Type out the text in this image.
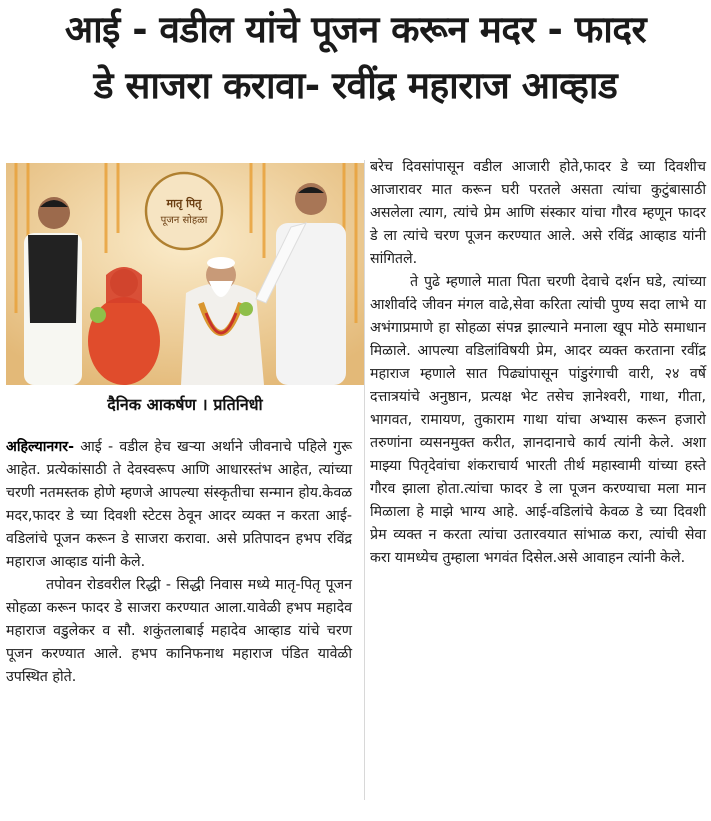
आई - वडील यांचे पूजन करून मदर - फादर
डे साजरा करावा- रवींद्र महाराज आव्हाड
मातृ पितृ
पूजन सोहळा
दैनिक आकर्षण । प्रतिनिधी

अहिल्यानगर- आई - वडील हेच खऱ्या अर्थाने जीवनाचे पहिले गुरू आहेत. प्रत्येकांसाठी ते देवस्वरूप आणि आधारस्तंभ आहेत, त्यांच्या चरणी नतमस्तक होणे म्हणजे आपल्या संस्कृतीचा सन्मान होय.केवळ मदर,फादर डे च्या दिवशी स्टेटस ठेवून आदर व्यक्त न करता आई-वडिलांचे पूजन करून डे साजरा करावा. असे प्रतिपादन हभप रविंद्र महाराज आव्हाड यांनी केले.

तपोवन रोडवरील रिद्धी - सिद्धी निवास मध्ये मातृ-पितृ पूजन सोहळा करून फादर डे साजरा करण्यात आला.यावेळी हभप महादेव महाराज वडुलेकर व सौ. शकुंतलाबाई महादेव आव्हाड यांचे चरण पूजन करण्यात आले. हभप कानिफनाथ महाराज पंडित यावेळी उपस्थित होते.

बरेच दिवसांपासून वडील आजारी होते,फादर डे च्या दिवशीच आजारावर मात करून घरी परतले असता त्यांचा कुटुंबासाठी असलेला त्याग, त्यांचे प्रेम आणि संस्कार यांचा गौरव म्हणून फादर डे ला त्यांचे चरण पूजन करण्यात आले. असे रविंद्र आव्हाड यांनी सांगितले.

ते पुढे म्हणाले माता पिता चरणी देवाचे दर्शन घडे, त्यांच्या आशीर्वादे जीवन मंगल वाढे,सेवा करिता त्यांची पुण्य सदा लाभे या अभंगाप्रमाणे हा सोहळा संपन्न झाल्याने मनाला खूप मोठे समाधान मिळाले. आपल्या वडिलांविषयी प्रेम, आदर व्यक्त करताना रवींद्र महाराज म्हणाले सात पिढ्यांपासून पांडुरंगाची वारी, २४ वर्षे दत्तात्रयांचे अनुष्ठान, प्रत्यक्ष भेट तसेच ज्ञानेश्वरी, गाथा, गीता, भागवत, रामायण, तुकाराम गाथा यांचा अभ्यास करून हजारो तरुणांना व्यसनमुक्त करीत, ज्ञानदानाचे कार्य त्यांनी केले. अशा माझ्या पितृदेवांचा शंकराचार्य भारती तीर्थ महास्वामी यांच्या हस्ते गौरव झाला होता.त्यांचा फादर डे ला पूजन करण्याचा मला मान मिळाला हे माझे भाग्य आहे. आई-वडिलांचे केवळ डे च्या दिवशी प्रेम व्यक्त न करता त्यांचा उतारवयात सांभाळ करा, त्यांची सेवा करा यामध्येच तुम्हाला भगवंत दिसेल.असे आवाहन त्यांनी केले.
